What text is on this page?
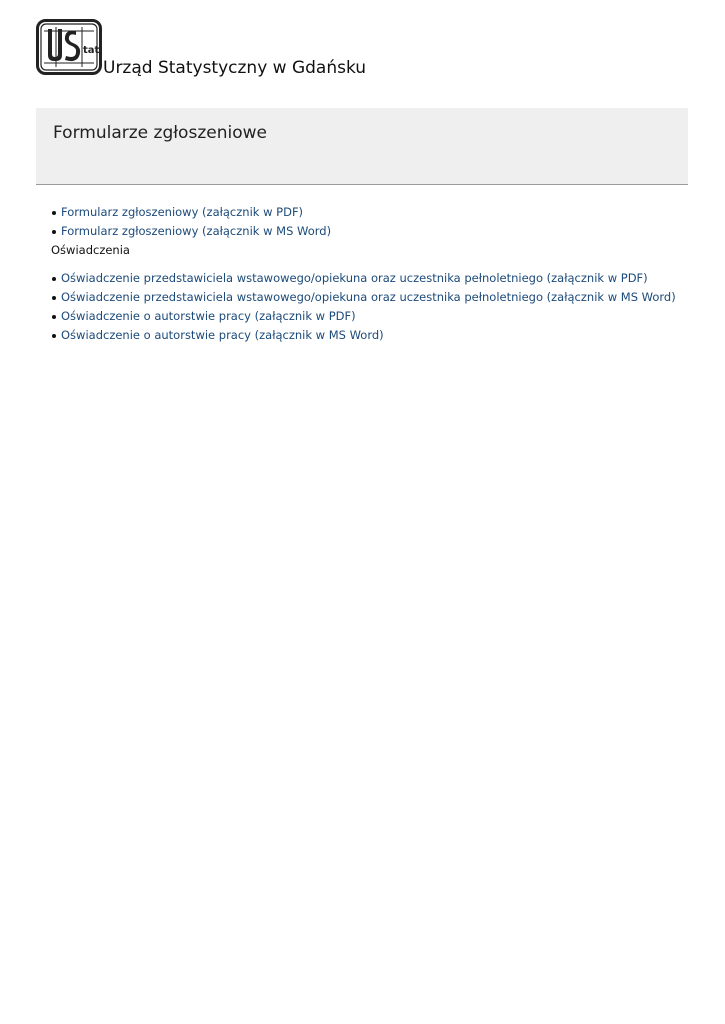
tat
Urząd Statystyczny w Gdańsku
Formularze zgłoszeniowe
Formularz zgłoszeniowy (załącznik w PDF)
Formularz zgłoszeniowy (załącznik w MS Word)

Oświadczenia

Oświadczenie przedstawiciela wstawowego/opiekuna oraz uczestnika pełnoletniego (załącznik w PDF)
Oświadczenie przedstawiciela wstawowego/opiekuna oraz uczestnika pełnoletniego (załącznik w MS Word)
Oświadczenie o autorstwie pracy (załącznik w PDF)
Oświadczenie o autorstwie pracy (załącznik w MS Word)
